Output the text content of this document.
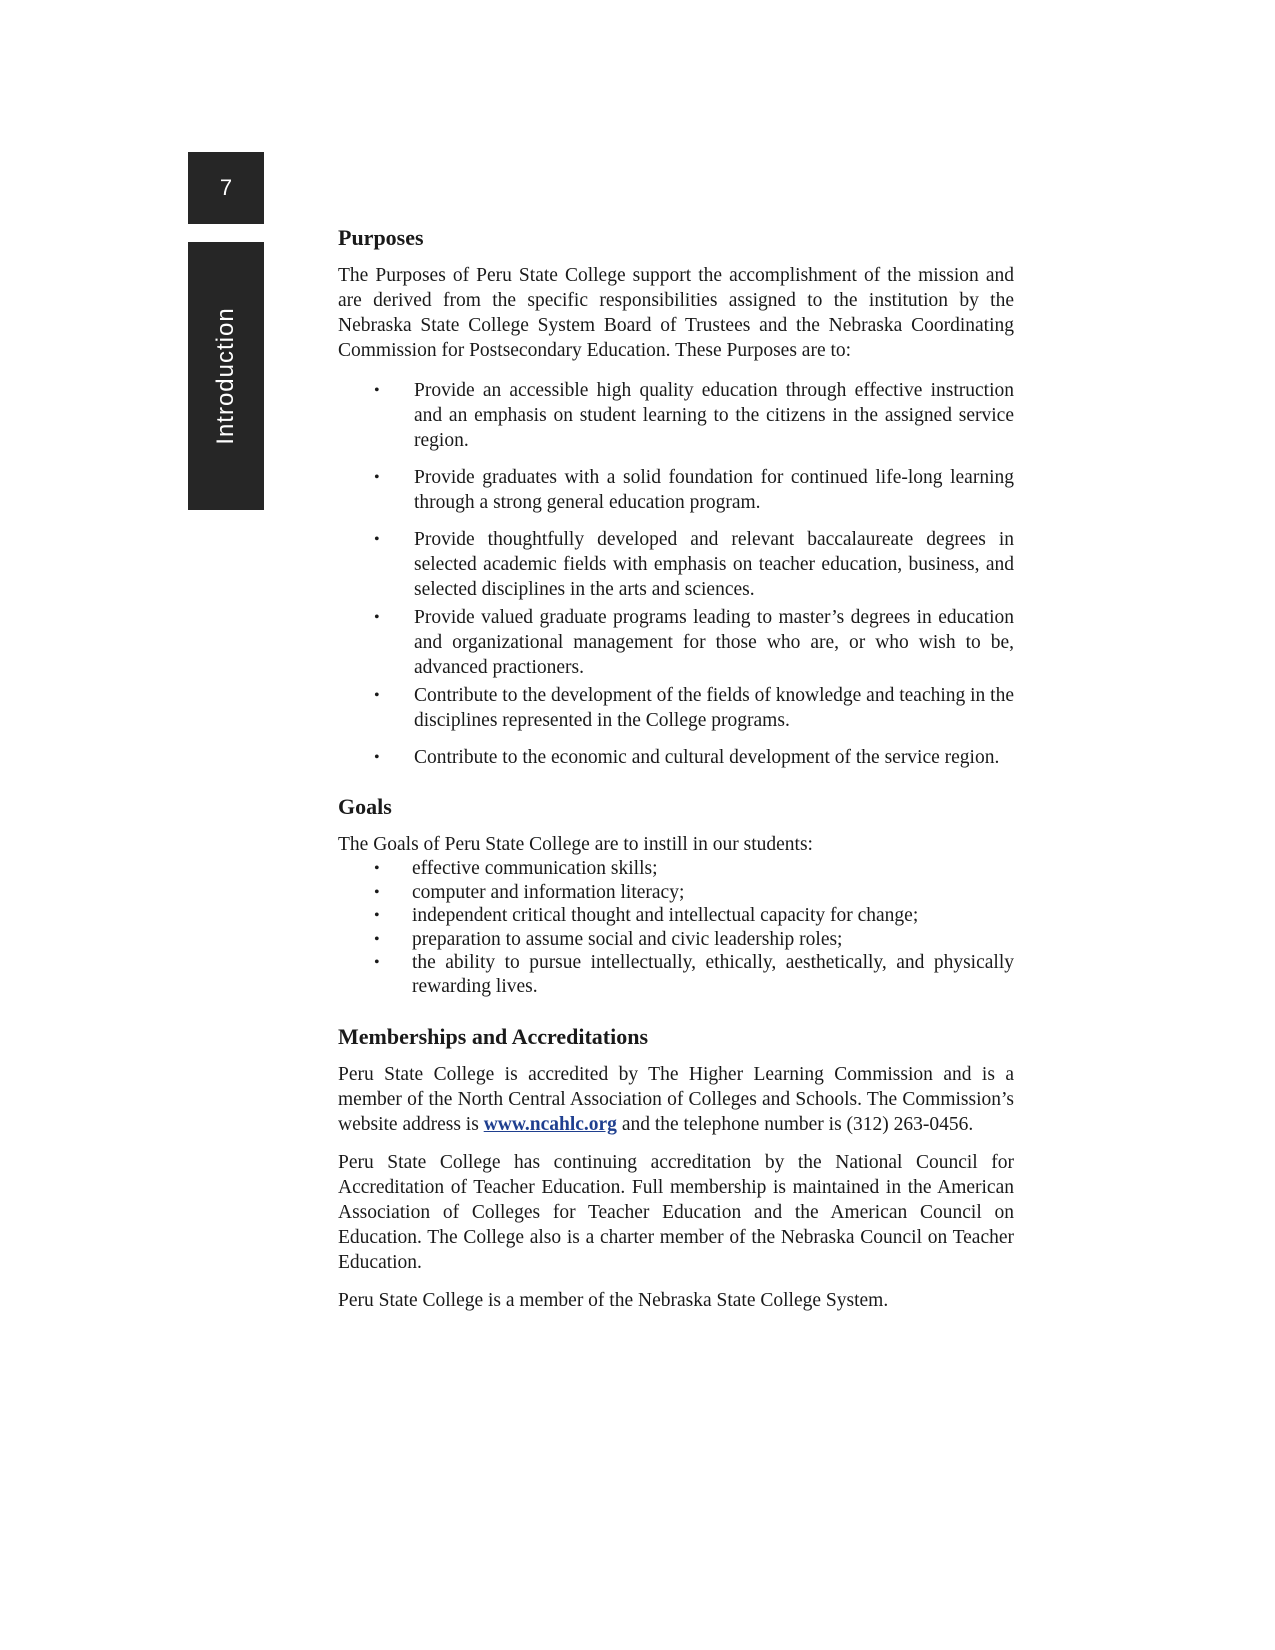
7
Introduction
Purposes

The Purposes of Peru State College support the accomplishment of the mission and are derived from the specific responsibilities assigned to the institution by the Nebraska State College System Board of Trustees and the Nebraska Coordinating Commission for Postsecondary Education. These Purposes are to:

• Provide an accessible high quality education through effective instruction and an emphasis on student learning to the citizens in the assigned service region.
• Provide graduates with a solid foundation for continued life-long learning through a strong general education program.
• Provide thoughtfully developed and relevant baccalaureate degrees in selected academic fields with emphasis on teacher education, business, and selected disciplines in the arts and sciences.
• Provide valued graduate programs leading to master’s degrees in education and organizational management for those who are, or who wish to be, advanced practioners.
• Contribute to the development of the fields of knowledge and teaching in the disciplines represented in the College programs.
• Contribute to the economic and cultural development of the service region.
Goals

The Goals of Peru State College are to instill in our students:

• effective communication skills;
• computer and information literacy;
• independent critical thought and intellectual capacity for change;
• preparation to assume social and civic leadership roles;
• the ability to pursue intellectually, ethically, aesthetically, and physically rewarding lives.
Memberships and Accreditations

Peru State College is accredited by The Higher Learning Commission and is a member of the North Central Association of Colleges and Schools. The Commission’s website address is www.ncahlc.org and the telephone number is (312) 263-0456.

Peru State College has continuing accreditation by the National Council for Accreditation of Teacher Education. Full membership is maintained in the American Association of Colleges for Teacher Education and the American Council on Education. The College also is a charter member of the Nebraska Council on Teacher Education.

Peru State College is a member of the Nebraska State College System.
